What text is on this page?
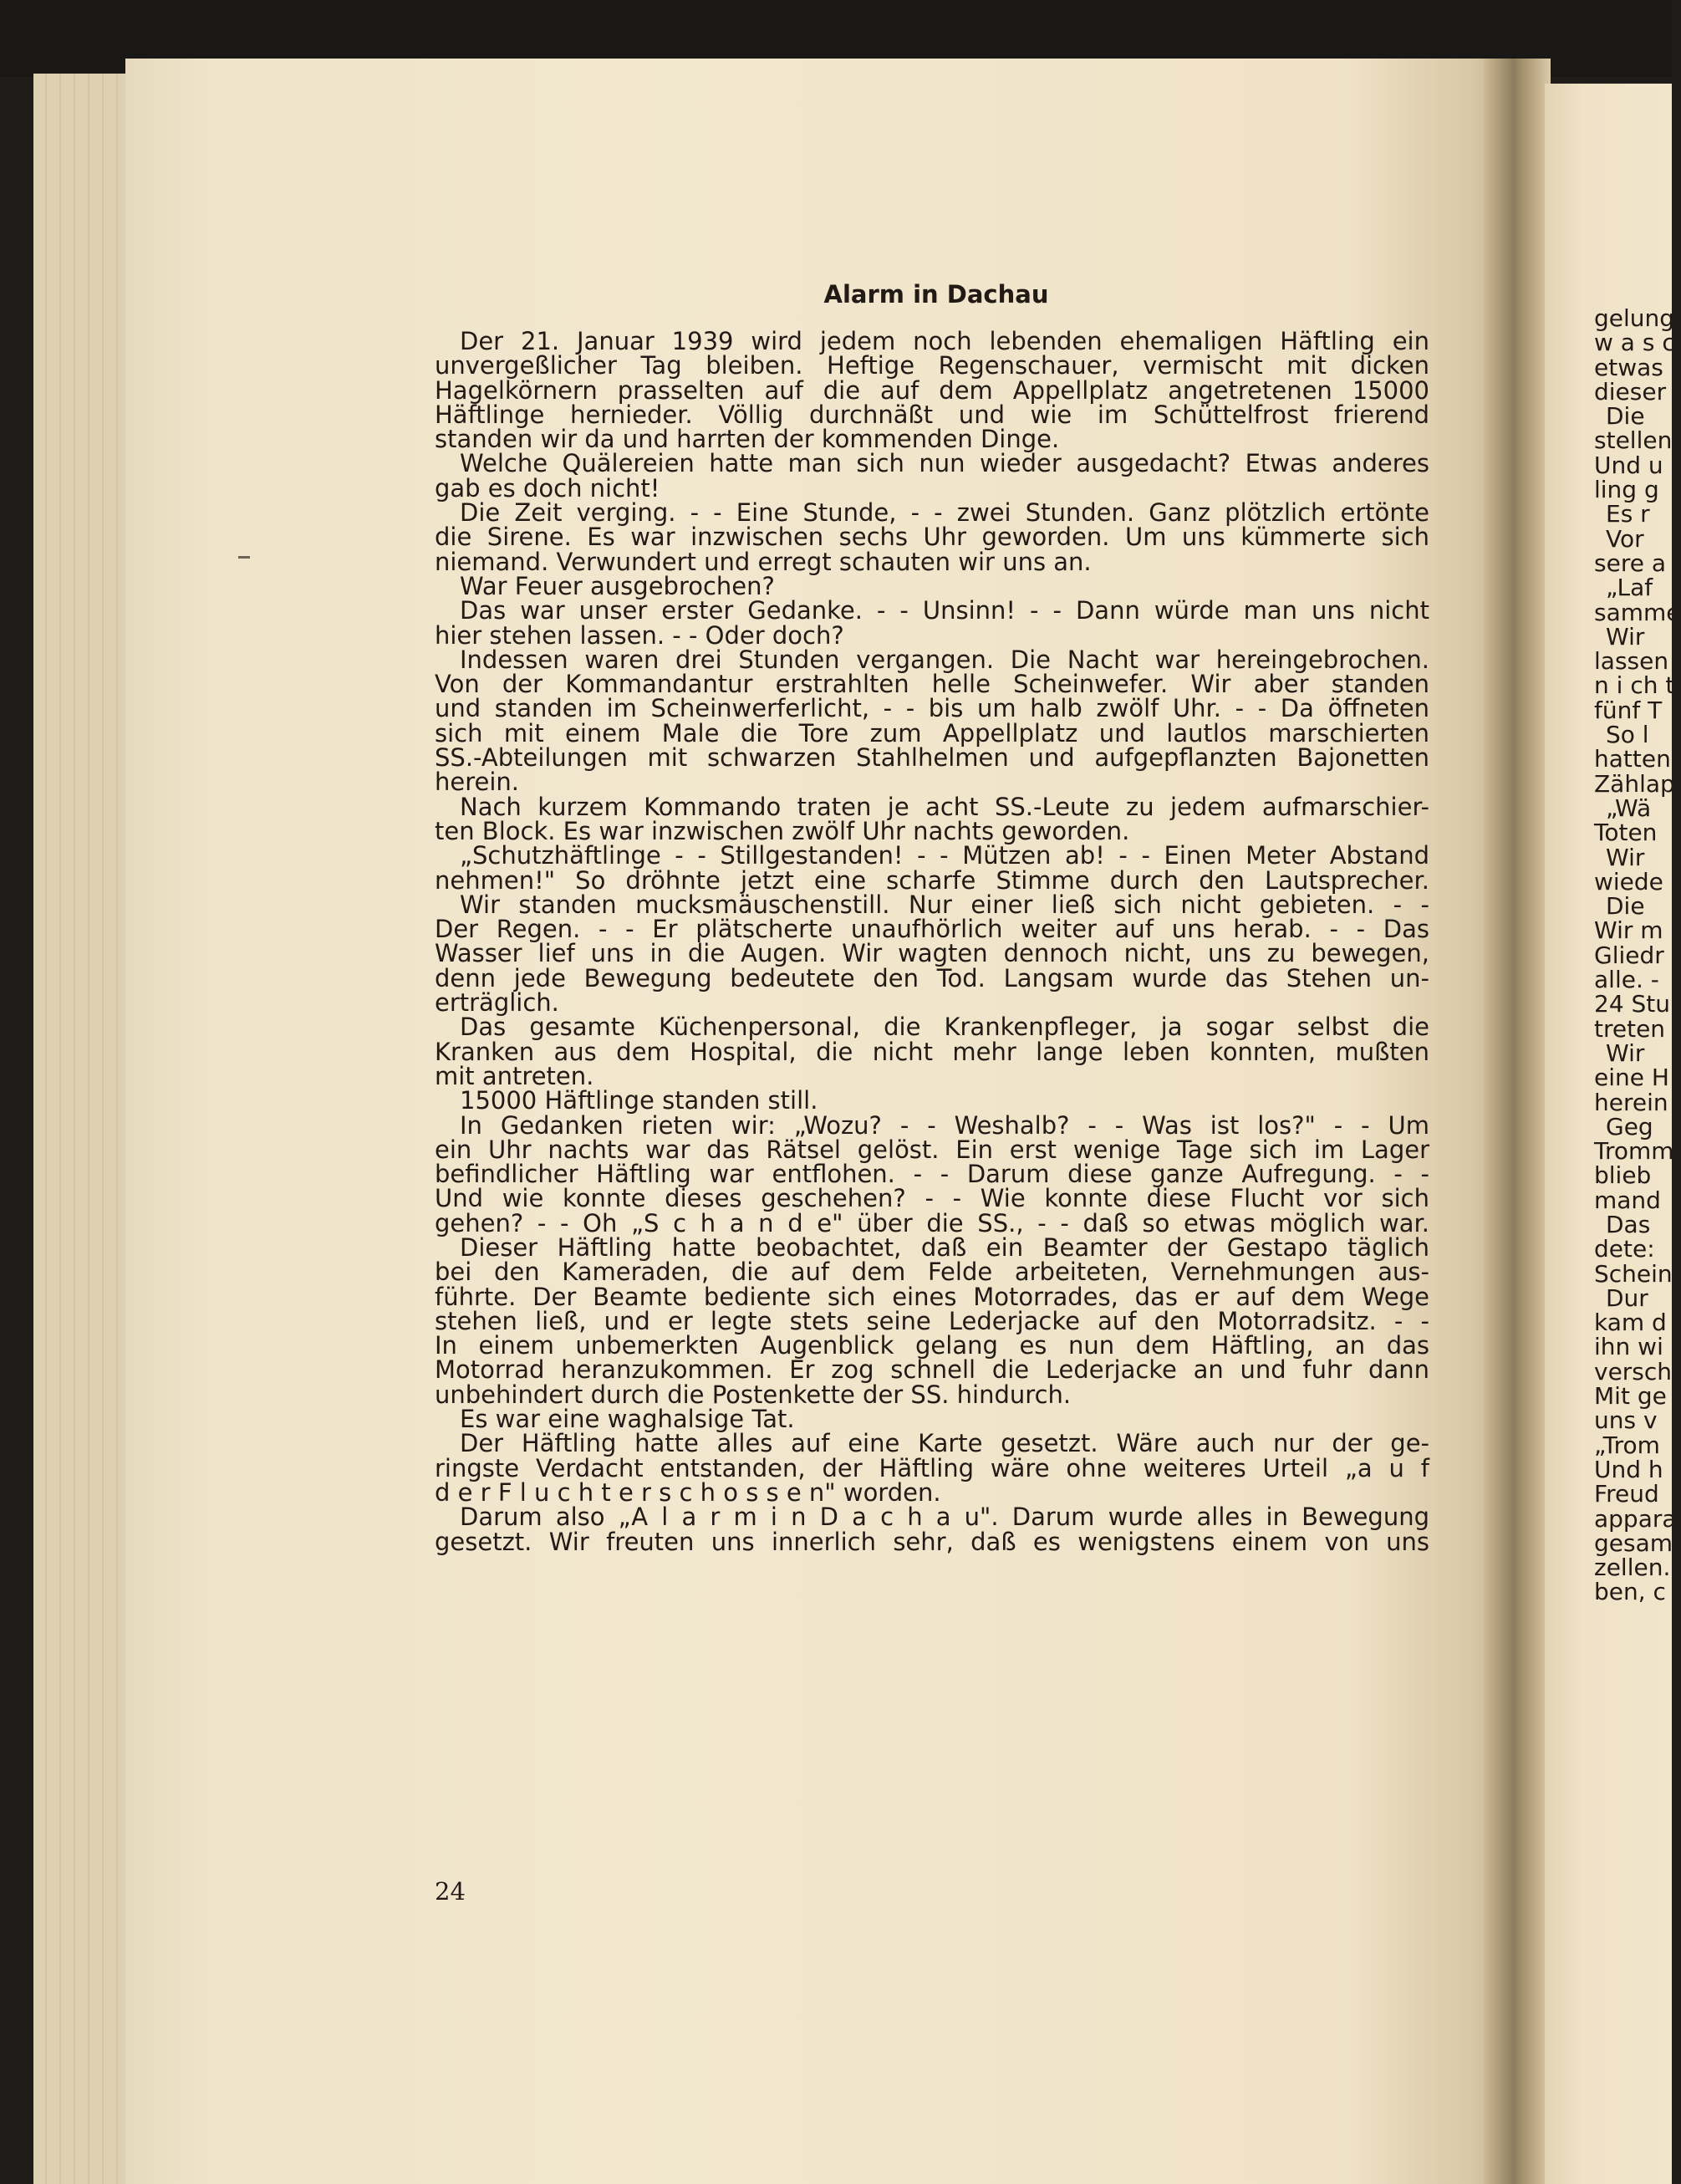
Alarm in Dachau
Der 21. Januar 1939 wird jedem noch lebenden ehemaligen Häftling ein
unvergeßlicher Tag bleiben. Heftige Regenschauer, vermischt mit dicken
Hagelkörnern prasselten auf die auf dem Appellplatz angetretenen 15000
Häftlinge hernieder. Völlig durchnäßt und wie im Schüttelfrost frierend
standen wir da und harrten der kommenden Dinge.
Welche Quälereien hatte man sich nun wieder ausgedacht? Etwas anderes
gab es doch nicht!
Die Zeit verging. - - Eine Stunde, - - zwei Stunden. Ganz plötzlich ertönte
die Sirene. Es war inzwischen sechs Uhr geworden. Um uns kümmerte sich
niemand. Verwundert und erregt schauten wir uns an.
War Feuer ausgebrochen?
Das war unser erster Gedanke. - - Unsinn! - - Dann würde man uns nicht
hier stehen lassen. - - Oder doch?
Indessen waren drei Stunden vergangen. Die Nacht war hereingebrochen.
Von der Kommandantur erstrahlten helle Scheinwefer. Wir aber standen
und standen im Scheinwerferlicht, - - bis um halb zwölf Uhr. - - Da öffneten
sich mit einem Male die Tore zum Appellplatz und lautlos marschierten
SS.-Abteilungen mit schwarzen Stahlhelmen und aufgepflanzten Bajonetten
herein.
Nach kurzem Kommando traten je acht SS.-Leute zu jedem aufmarschier-
ten Block. Es war inzwischen zwölf Uhr nachts geworden.
„Schutzhäftlinge - - Stillgestanden! - - Mützen ab! - - Einen Meter Abstand
nehmen!" So dröhnte jetzt eine scharfe Stimme durch den Lautsprecher.
Wir standen mucksmäuschenstill. Nur einer ließ sich nicht gebieten. - -
Der Regen. - - Er plätscherte unaufhörlich weiter auf uns herab. - - Das
Wasser lief uns in die Augen. Wir wagten dennoch nicht, uns zu bewegen,
denn jede Bewegung bedeutete den Tod. Langsam wurde das Stehen un-
erträglich.
Das gesamte Küchenpersonal, die Krankenpfleger, ja sogar selbst die
Kranken aus dem Hospital, die nicht mehr lange leben konnten, mußten
mit antreten.
15000 Häftlinge standen still.
In Gedanken rieten wir: „Wozu? - - Weshalb? - - Was ist los?" - - Um
ein Uhr nachts war das Rätsel gelöst. Ein erst wenige Tage sich im Lager
befindlicher Häftling war entflohen. - - Darum diese ganze Aufregung. - -
Und wie konnte dieses geschehen? - - Wie konnte diese Flucht vor sich
gehen? - - Oh „S c h a n d e" über die SS., - - daß so etwas möglich war.
Dieser Häftling hatte beobachtet, daß ein Beamter der Gestapo täglich
bei den Kameraden, die auf dem Felde arbeiteten, Vernehmungen aus-
führte. Der Beamte bediente sich eines Motorrades, das er auf dem Wege
stehen ließ, und er legte stets seine Lederjacke auf den Motorradsitz. - -
In einem unbemerkten Augenblick gelang es nun dem Häftling, an das
Motorrad heranzukommen. Er zog schnell die Lederjacke an und fuhr dann
unbehindert durch die Postenkette der SS. hindurch.
Es war eine waghalsige Tat.
Der Häftling hatte alles auf eine Karte gesetzt. Wäre auch nur der ge-
ringste Verdacht entstanden, der Häftling wäre ohne weiteres Urteil „a u f
d e r F l u c h t e r s c h o s s e n" worden.
Darum also „A l a r m i n D a c h a u". Darum wurde alles in Bewegung
gesetzt. Wir freuten uns innerlich sehr, daß es wenigstens einem von uns
24
gelung
w a s c
etwas
dieser
Die
stellen
Und u
ling g
Es r
Vor
sere a
„Laf
samme
Wir
lassen
n i ch t
fünf T
So l
hatten
Zählap
„Wä
Toten
Wir
wiede
Die
Wir m
Gliedr
alle. -
24 Stu
treten
Wir
eine H
herein
Geg
Tromm
blieb
mand
Das
dete:
Schein
Dur
kam d
ihn wi
versch
Mit ge
uns v
„Trom
Und h
Freud
appara
gesam
zellen.
ben, c
